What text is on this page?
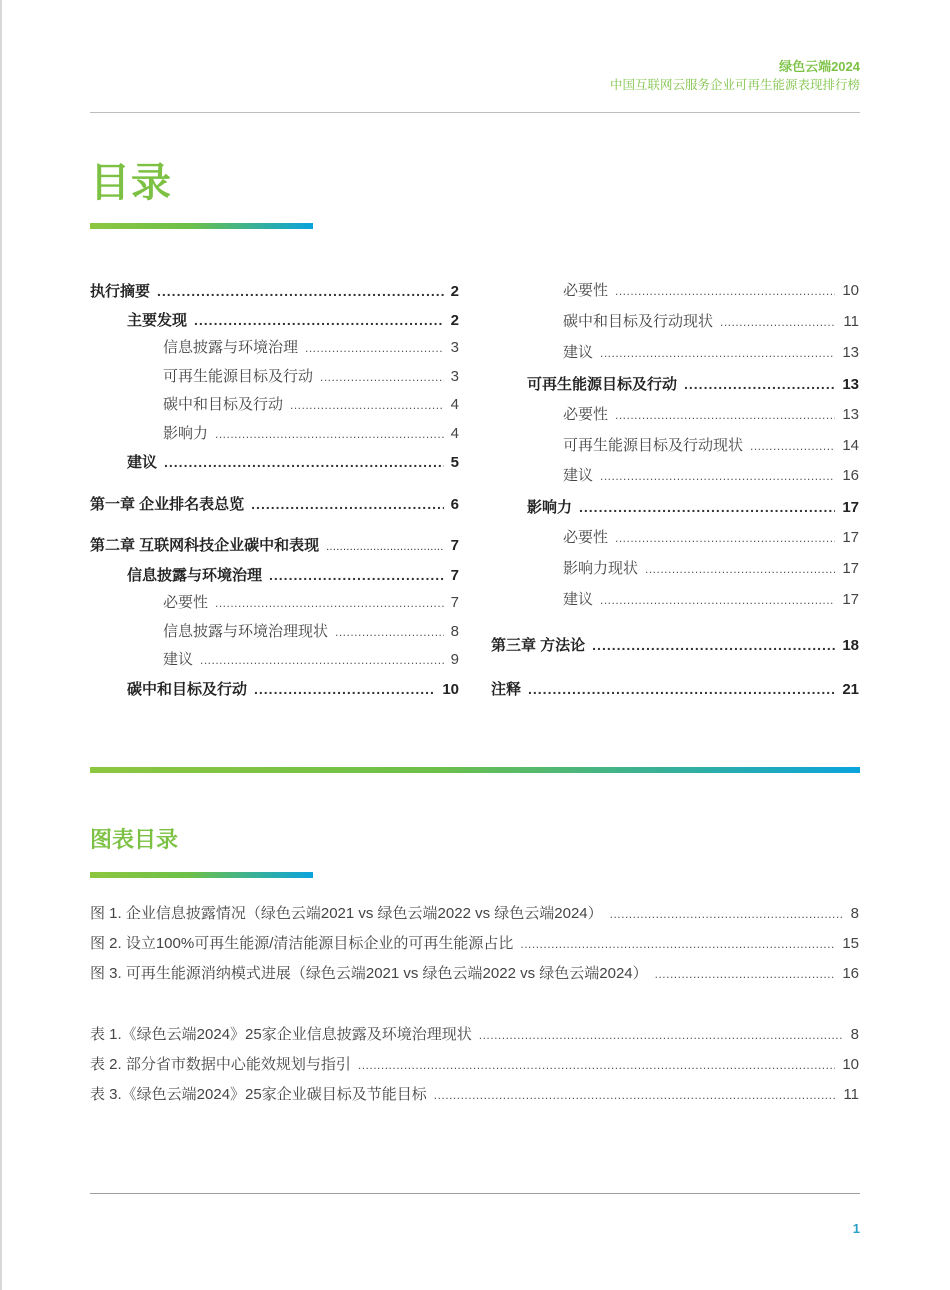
绿色云端2024
中国互联网云服务企业可再生能源表现排行榜
目录
执行摘要 .....	2
主要发现 .....	2
信息披露与环境治理 .....	3
可再生能源目标及行动 .....	3
碳中和目标及行动 .....	4
影响力 .....	4
建议 .....	5
第一章 企业排名表总览 .....	6
第二章 互联网科技企业碳中和表现 .....	7
信息披露与环境治理 .....	7
必要性 .....	7
信息披露与环境治理现状 .....	8
建议 .....	9
碳中和目标及行动 .....	10
必要性 .....	10
碳中和目标及行动现状 .....	11
建议 .....	13
可再生能源目标及行动 .....	13
必要性 .....	13
可再生能源目标及行动现状 .....	14
建议 .....	16
影响力 .....	17
必要性 .....	17
影响力现状 .....	17
建议 .....	17
第三章 方法论 .....	18
注释 .....	21
图表目录
图 1. 企业信息披露情况（绿色云端2021 vs 绿色云端2022 vs 绿色云端2024） .....	8
图 2. 设立100%可再生能源/清洁能源目标企业的可再生能源占比 .....	15
图 3. 可再生能源消纳模式进展（绿色云端2021 vs 绿色云端2022 vs 绿色云端2024） .....	16
表 1.《绿色云端2024》25家企业信息披露及环境治理现状 .....	8
表 2. 部分省市数据中心能效规划与指引 .....	10
表 3.《绿色云端2024》25家企业碳目标及节能目标 .....	11
1
